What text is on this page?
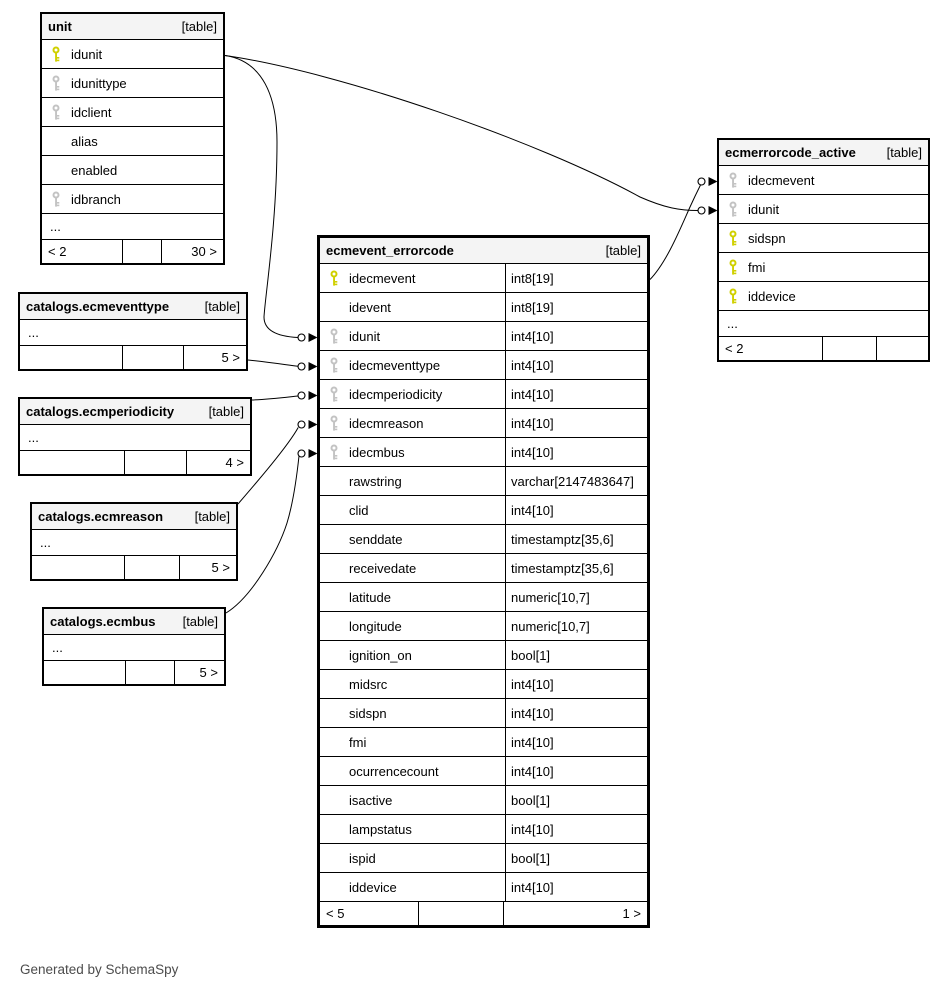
unit	[table]
idunit
idunittype
idclient
alias
enabled
idbranch
...
< 2	30 >
catalogs.ecmeventtype	[table]
...
5 >
catalogs.ecmperiodicity	[table]
...
4 >
catalogs.ecmreason [table]
...
5 >
catalogs.ecmbus [table]
...
5 >
ecmevent_errorcode	[table]
idecmevent	int8[19]
idevent	int8[19]
idunit	int4[10]
idecmeventtype	int4[10]
idecmperiodicity	int4[10]
idecmreason	int4[10]
idecmbus	int4[10]
rawstring	varchar[2147483647]
clid	int4[10]
senddate	timestamptz[35,6]
receivedate	timestamptz[35,6]
latitude	numeric[10,7]
longitude	numeric[10,7]
ignition_on	bool[1]
midsrc	int4[10]
sidspn	int4[10]
fmi	int4[10]
ocurrencecount	int4[10]
isactive	bool[1]
lampstatus	int4[10]
ispid	bool[1]
iddevice	int4[10]
< 5	1 >
ecmerrorcode_active [table]
idecmevent
idunit
sidspn
fmi
iddevice
...
< 2
Generated by SchemaSpy
